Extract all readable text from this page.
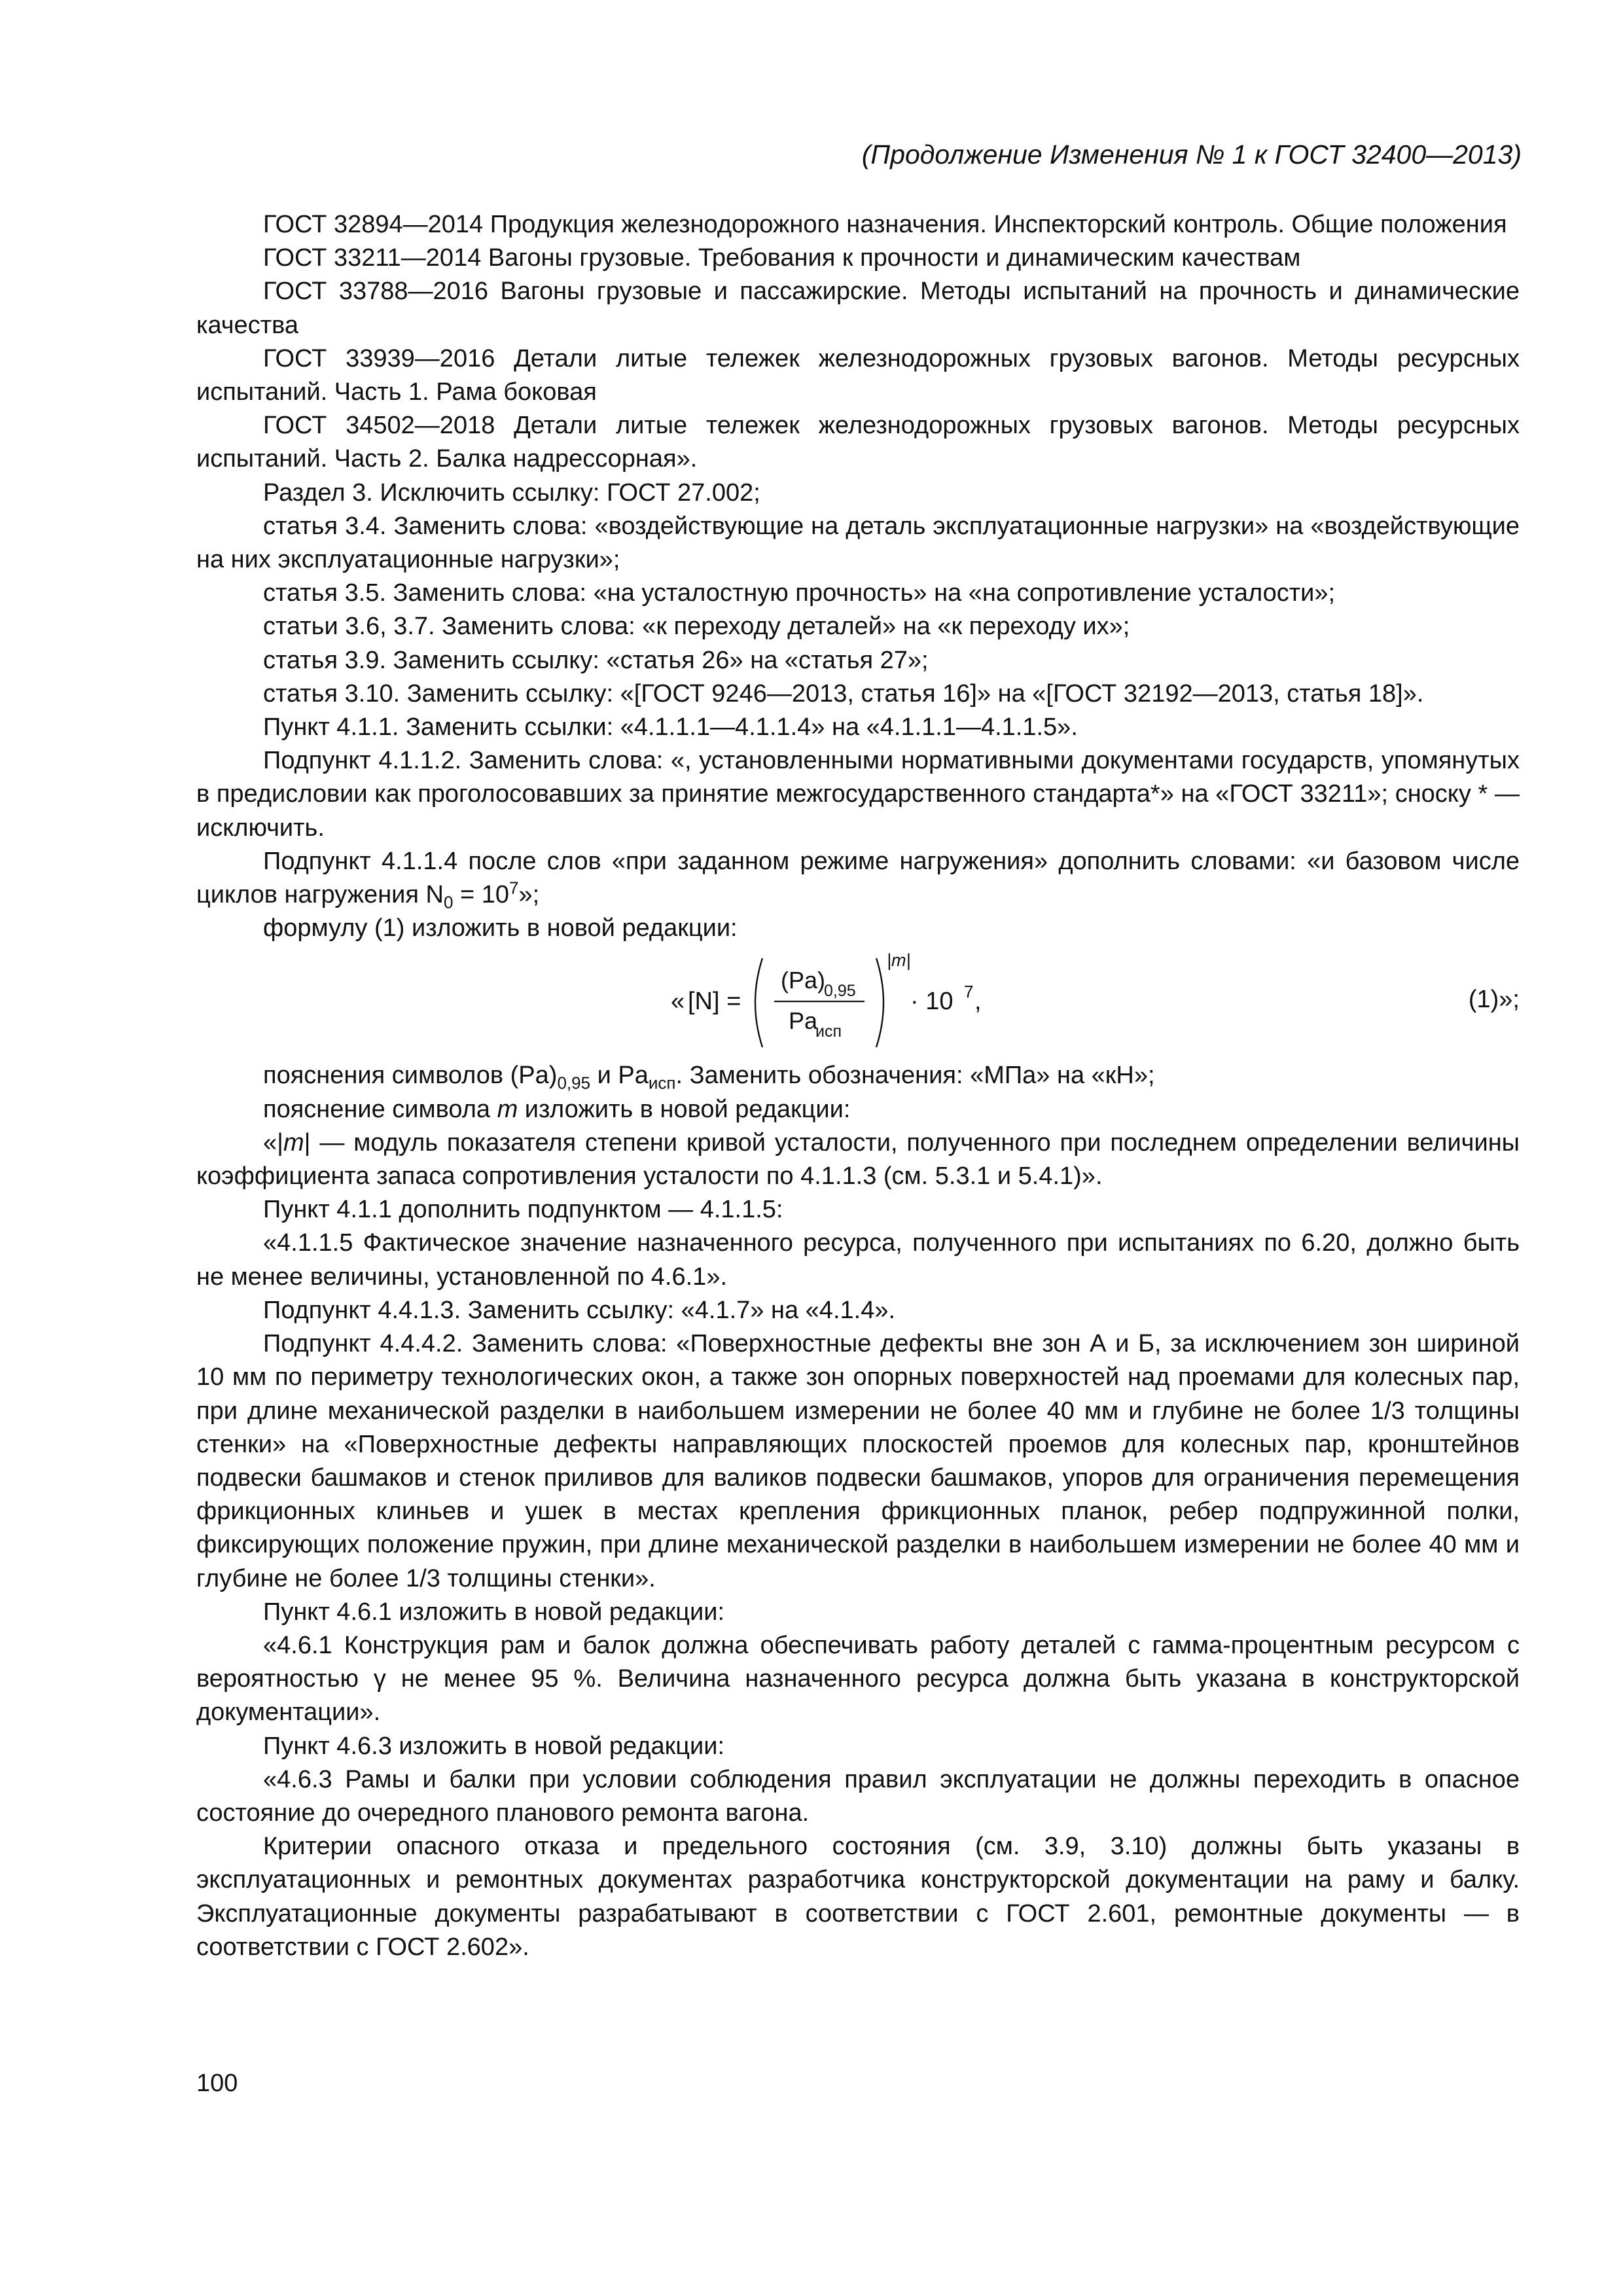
(Продолжение Изменения № 1 к ГОСТ 32400—2013)

ГОСТ 32894—2014 Продукция железнодорожного назначения. Инспекторский контроль. Общие положения

ГОСТ 33211—2014 Вагоны грузовые. Требования к прочности и динамическим качествам

ГОСТ 33788—2016 Вагоны грузовые и пассажирские. Методы испытаний на прочность и динамические качества

ГОСТ 33939—2016 Детали литые тележек железнодорожных грузовых вагонов. Методы ресурсных испытаний. Часть 1. Рама боковая

ГОСТ 34502—2018 Детали литые тележек железнодорожных грузовых вагонов. Методы ресурсных испытаний. Часть 2. Балка надрессорная».

Раздел 3. Исключить ссылку: ГОСТ 27.002;

статья 3.4. Заменить слова: «воздействующие на деталь эксплуатационные нагрузки» на «воздействующие на них эксплуатационные нагрузки»;

статья 3.5. Заменить слова: «на усталостную прочность» на «на сопротивление усталости»;

статьи 3.6, 3.7. Заменить слова: «к переходу деталей» на «к переходу их»;

статья 3.9. Заменить ссылку: «статья 26» на «статья 27»;

статья 3.10. Заменить ссылку: «[ГОСТ 9246—2013, статья 16]» на «[ГОСТ 32192—2013, статья 18]».

Пункт 4.1.1. Заменить ссылки: «4.1.1.1—4.1.1.4» на «4.1.1.1—4.1.1.5».

Подпункт 4.1.1.2. Заменить слова: «, установленными нормативными документами государств, упомянутых в предисловии как проголосовавших за принятие межгосударственного стандарта*» на «ГОСТ 33211»; сноску * — исключить.

Подпункт 4.1.1.4 после слов «при заданном режиме нагружения» дополнить словами: «и базовом числе циклов нагружения $N_0 = 10^7$»;

формулу (1) изложить в новой редакции:

« [N] =
(Pa)
0,95
Pa
исп
|m|
· 10 7 ,	(1)»;

пояснения символов $(Pa)_{0,95}$ и $Pa_{исп}$. Заменить обозначения: «МПа» на «кН»;

пояснение символа m изложить в новой редакции:

«|m| — модуль показателя степени кривой усталости, полученного при последнем определении величины коэффициента запаса сопротивления усталости по 4.1.1.3 (см. 5.3.1 и 5.4.1)».

Пункт 4.1.1 дополнить подпунктом — 4.1.1.5:

«4.1.1.5 Фактическое значение назначенного ресурса, полученного при испытаниях по 6.20, должно быть не менее величины, установленной по 4.6.1».

Подпункт 4.4.1.3. Заменить ссылку: «4.1.7» на «4.1.4».

Подпункт 4.4.4.2. Заменить слова: «Поверхностные дефекты вне зон А и Б, за исключением зон шириной 10 мм по периметру технологических окон, а также зон опорных поверхностей над проемами для колесных пар, при длине механической разделки в наибольшем измерении не более 40 мм и глубине не более 1/3 толщины стенки» на «Поверхностные дефекты направляющих плоскостей проемов для колесных пар, кронштейнов подвески башмаков и стенок приливов для валиков подвески башмаков, упоров для ограничения перемещения фрикционных клиньев и ушек в местах крепления фрикционных планок, ребер подпружинной полки, фиксирующих положение пружин, при длине механической разделки в наибольшем измерении не более 40 мм и глубине не более 1/3 толщины стенки».

Пункт 4.6.1 изложить в новой редакции:

«4.6.1 Конструкция рам и балок должна обеспечивать работу деталей с гамма-процентным ресурсом с вероятностью γ не менее 95 %. Величина назначенного ресурса должна быть указана в конструкторской документации».

Пункт 4.6.3 изложить в новой редакции:

«4.6.3 Рамы и балки при условии соблюдения правил эксплуатации не должны переходить в опасное состояние до очередного планового ремонта вагона.

Критерии опасного отказа и предельного состояния (см. 3.9, 3.10) должны быть указаны в эксплуатационных и ремонтных документах разработчика конструкторской документации на раму и балку. Эксплуатационные документы разрабатывают в соответствии с ГОСТ 2.601, ремонтные документы — в соответствии с ГОСТ 2.602».

100
